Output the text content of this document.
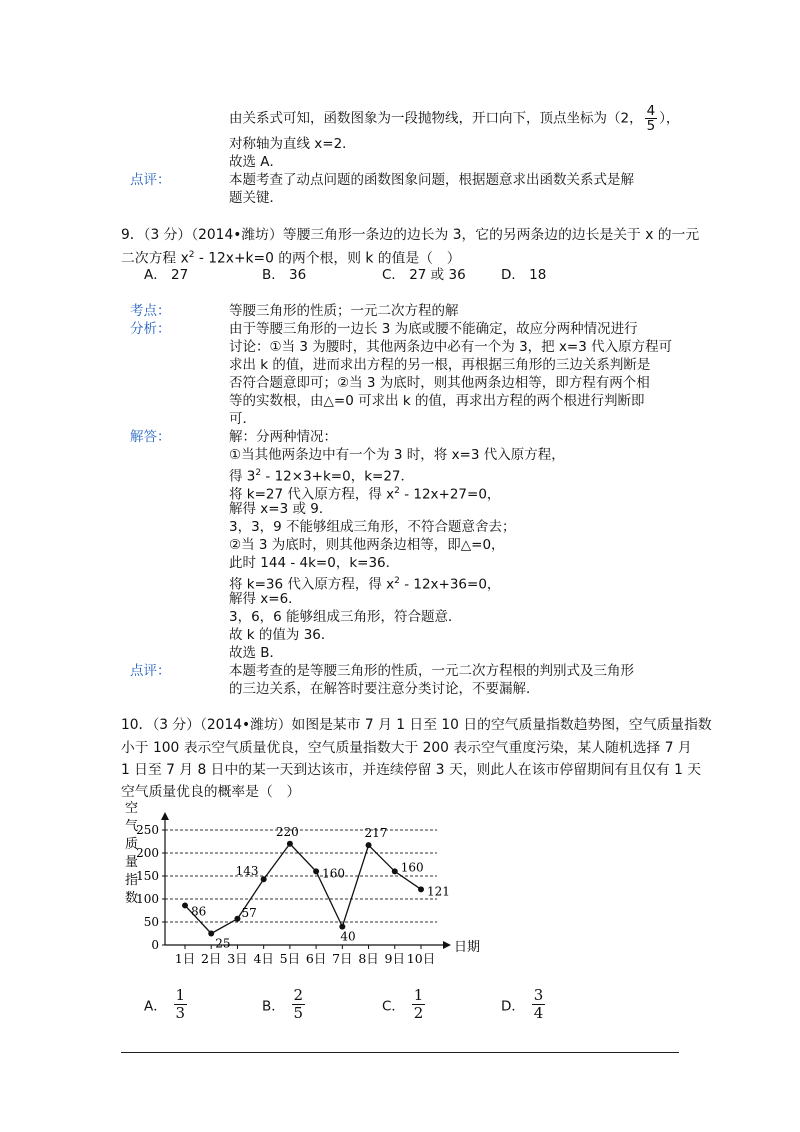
由关系式可知，函数图象为一段抛物线，开口向下，顶点坐标为（2， $\frac{4}{5}$ ），
对称轴为直线 x=2．
故选 A．
点评：	本题考查了动点问题的函数图象问题，根据题意求出函数关系式是解
题关键．
9．（3 分）（2014•潍坊）等腰三角形一条边的边长为 3，它的另两条边的边长是关于 x 的一元
二次方程 $x^2 - 12x+k=0$ 的两个根，则 k 的值是（　）
A． 27	B． 36	C． 27 或 36	D． 18
考点：	等腰三角形的性质；一元二次方程的解
分析：	由于等腰三角形的一边长 3 为底或腰不能确定，故应分两种情况进行
讨论：①当 3 为腰时，其他两条边中必有一个为 3，把 x=3 代入原方程可
求出 k 的值，进而求出方程的另一根，再根据三角形的三边关系判断是
否符合题意即可；②当 3 为底时，则其他两条边相等，即方程有两个相
等的实数根，由△=0 可求出 k 的值，再求出方程的两个根进行判断即
可．
解答：	解：分两种情况：
①当其他两条边中有一个为 3 时，将 x=3 代入原方程，
得 $3^2 - 12\times 3+k=0$，k=27．
将 k=27 代入原方程，得 $x^2 - 12x+27=0$，
解得 x=3 或 9．
3，3，9 不能够组成三角形，不符合题意舍去；
②当 3 为底时，则其他两条边相等，即△=0，
此时 144 - 4k=0，k=36．
将 k=36 代入原方程，得 $x^2 - 12x+36=0$，
解得 x=6．
3，6，6 能够组成三角形，符合题意．
故 k 的值为 36．
故选 B．
点评：	本题考查的是等腰三角形的性质，一元二次方程根的判别式及三角形
的三边关系，在解答时要注意分类讨论，不要漏解．
10．（3 分）（2014•潍坊）如图是某市 7 月 1 日至 10 日的空气质量指数趋势图，空气质量指数
小于 100 表示空气质量优良，空气质量指数大于 200 表示空气重度污染，某人随机选择 7 月
1 日至 7 月 8 日中的某一天到达该市，并连续停留 3 天，则此人在该市停留期间有且仅有 1 天
空气质量优良的概率是（　）
空气质量指数
0
50
100
150
200
250
1日 2日 3日 4日 5日 6日 7日 8日 9日 10日
86
25
57
143
220
160
40
217
160
121
日期
A． $\frac{1}{3}$	B． $\frac{2}{5}$	C． $\frac{1}{2}$	D． $\frac{3}{4}$
